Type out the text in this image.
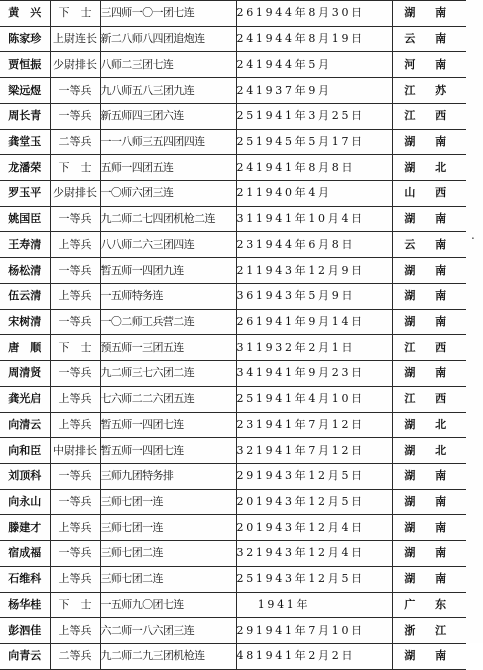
黄　兴	下　士	三四师一〇一团七连	2 6 1 9 4 4 年 8 月 3 0 日	湖 南
陈家珍	上尉连长	新二八师八四团追炮连	2 4 1 9 4 4 年 8 月 1 9 日	云 南
贾恒振	少尉排长	八师二三团七连	2 4 1 9 4 4 年 5 月	河 南
梁远煜	一等兵	九八师五八三团九连	2 4 1 9 3 7 年 9 月	江 苏
周长青	一等兵	新五师四三团六连	2 5 1 9 4 1 年 3 月 2 5 日	江 西
龚堂玉	二等兵	一一八师三五四团四连	2 5 1 9 4 5 年 5 月 1 7 日	湖 南
龙潘荣	下　士	五师一四团五连	2 4 1 9 4 1 年 8 月 8 日	湖 北
罗玉平	少尉排长	一〇师六团三连	2 1 1 9 4 0 年 4 月	山 西
姚国臣	一等兵	九二师二七四团机枪二连	3 1 1 9 4 1 年 1 0 月 4 日	湖 南
王寿清	上等兵	八八师二六三团四连	2 3 1 9 4 4 年 6 月 8 日	云 南
杨松清	一等兵	暂五师一四团九连	2 1 1 9 4 3 年 1 2 月 9 日	湖 南
伍云清	上等兵	一五师特务连	3 6 1 9 4 3 年 5 月 9 日	湖 南
宋树清	一等兵	一〇二师工兵营二连	2 6 1 9 4 1 年 9 月 1 4 日	湖 南
唐　顺	下　士	预五师一三团五连	3 1 1 9 3 2 年 2 月 1 日	江 西
周清贤	一等兵	九二师三七六团二连	3 4 1 9 4 1 年 9 月 2 3 日	湖 南
龚光启	上等兵	七六师二二六团五连	2 5 1 9 4 1 年 4 月 1 0 日	江 西
向清云	上等兵	暂五师一四团七连	2 3 1 9 4 1 年 7 月 1 2 日	湖 北
向和臣	中尉排长	暂五师一四团七连	3 2 1 9 4 1 年 7 月 1 2 日	湖 北
刘顶科	一等兵	三师九团特务排	2 9 1 9 4 3 年 1 2 月 5 日	湖 南
向永山	一等兵	三师七团一连	2 0 1 9 4 3 年 1 2 月 5 日	湖 南
滕建才	上等兵	三师七团一连	2 0 1 9 4 3 年 1 2 月 4 日	湖 南
宿成福	一等兵	三师七团二连	3 2 1 9 4 3 年 1 2 月 4 日	湖 南
石维科	上等兵	三师七团二连	2 5 1 9 4 3 年 1 2 月 5 日	湖 南
杨华桂	下　士	一五师九〇团七连	　　1 9 4 1 年	广 东
彭泗佳	上等兵	六二师一八六团三连	2 9 1 9 4 1 年 7 月 1 0 日	浙 江
向青云	二等兵	九二师二九三团机枪连	4 8 1 9 4 1 年 2 月 2 日	湖 南
.
